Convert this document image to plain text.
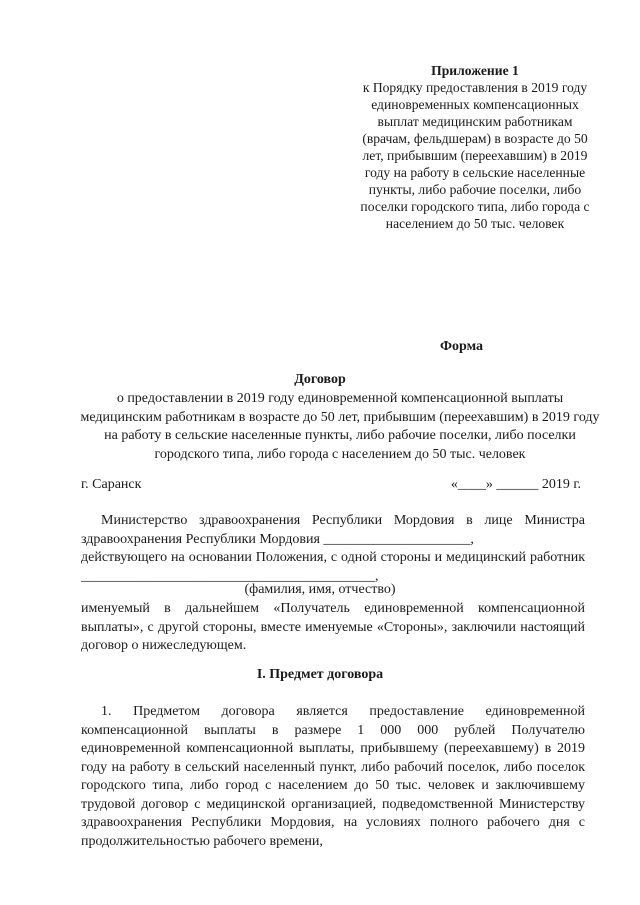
Приложение 1
к Порядку предоставления в 2019 году единовременных компенсационных выплат медицинским работникам (врачам, фельдшерам) в возрасте до 50 лет, прибывшим (переехавшим) в 2019 году на работу в сельские населенные пункты, либо рабочие поселки, либо поселки городского типа, либо города с населением до 50 тыс. человек
Форма
Договор
о предоставлении в 2019 году единовременной компенсационной выплаты медицинским работникам в возрасте до 50 лет, прибывшим (переехавшим) в 2019 году на работу в сельские населенные пункты, либо рабочие поселки, либо поселки городского типа, либо города с населением до 50 тыс. человек
г. Саранск	«____» ______ 2019 г.

Министерство здравоохранения Республики Мордовия в лице Министра здравоохранения Республики Мордовия _____________________,

действующего на основании Положения, с одной стороны и медицинский работник __________________________________________,

(фамилия, имя, отчество)

именуемый в дальнейшем «Получатель единовременной компенсационной выплаты», с другой стороны, вместе именуемые «Стороны», заключили настоящий договор о нижеследующем.

I. Предмет договора

1. Предметом договора является предоставление единовременной компенсационной выплаты в размере 1 000 000 рублей Получателю единовременной компенсационной выплаты, прибывшему (переехавшему) в 2019 году на работу в сельский населенный пункт, либо рабочий поселок, либо поселок городского типа, либо город с населением до 50 тыс. человек и заключившему трудовой договор с медицинской организацией, подведомственной Министерству здравоохранения Республики Мордовия, на условиях полного рабочего дня с продолжительностью рабочего времени,
